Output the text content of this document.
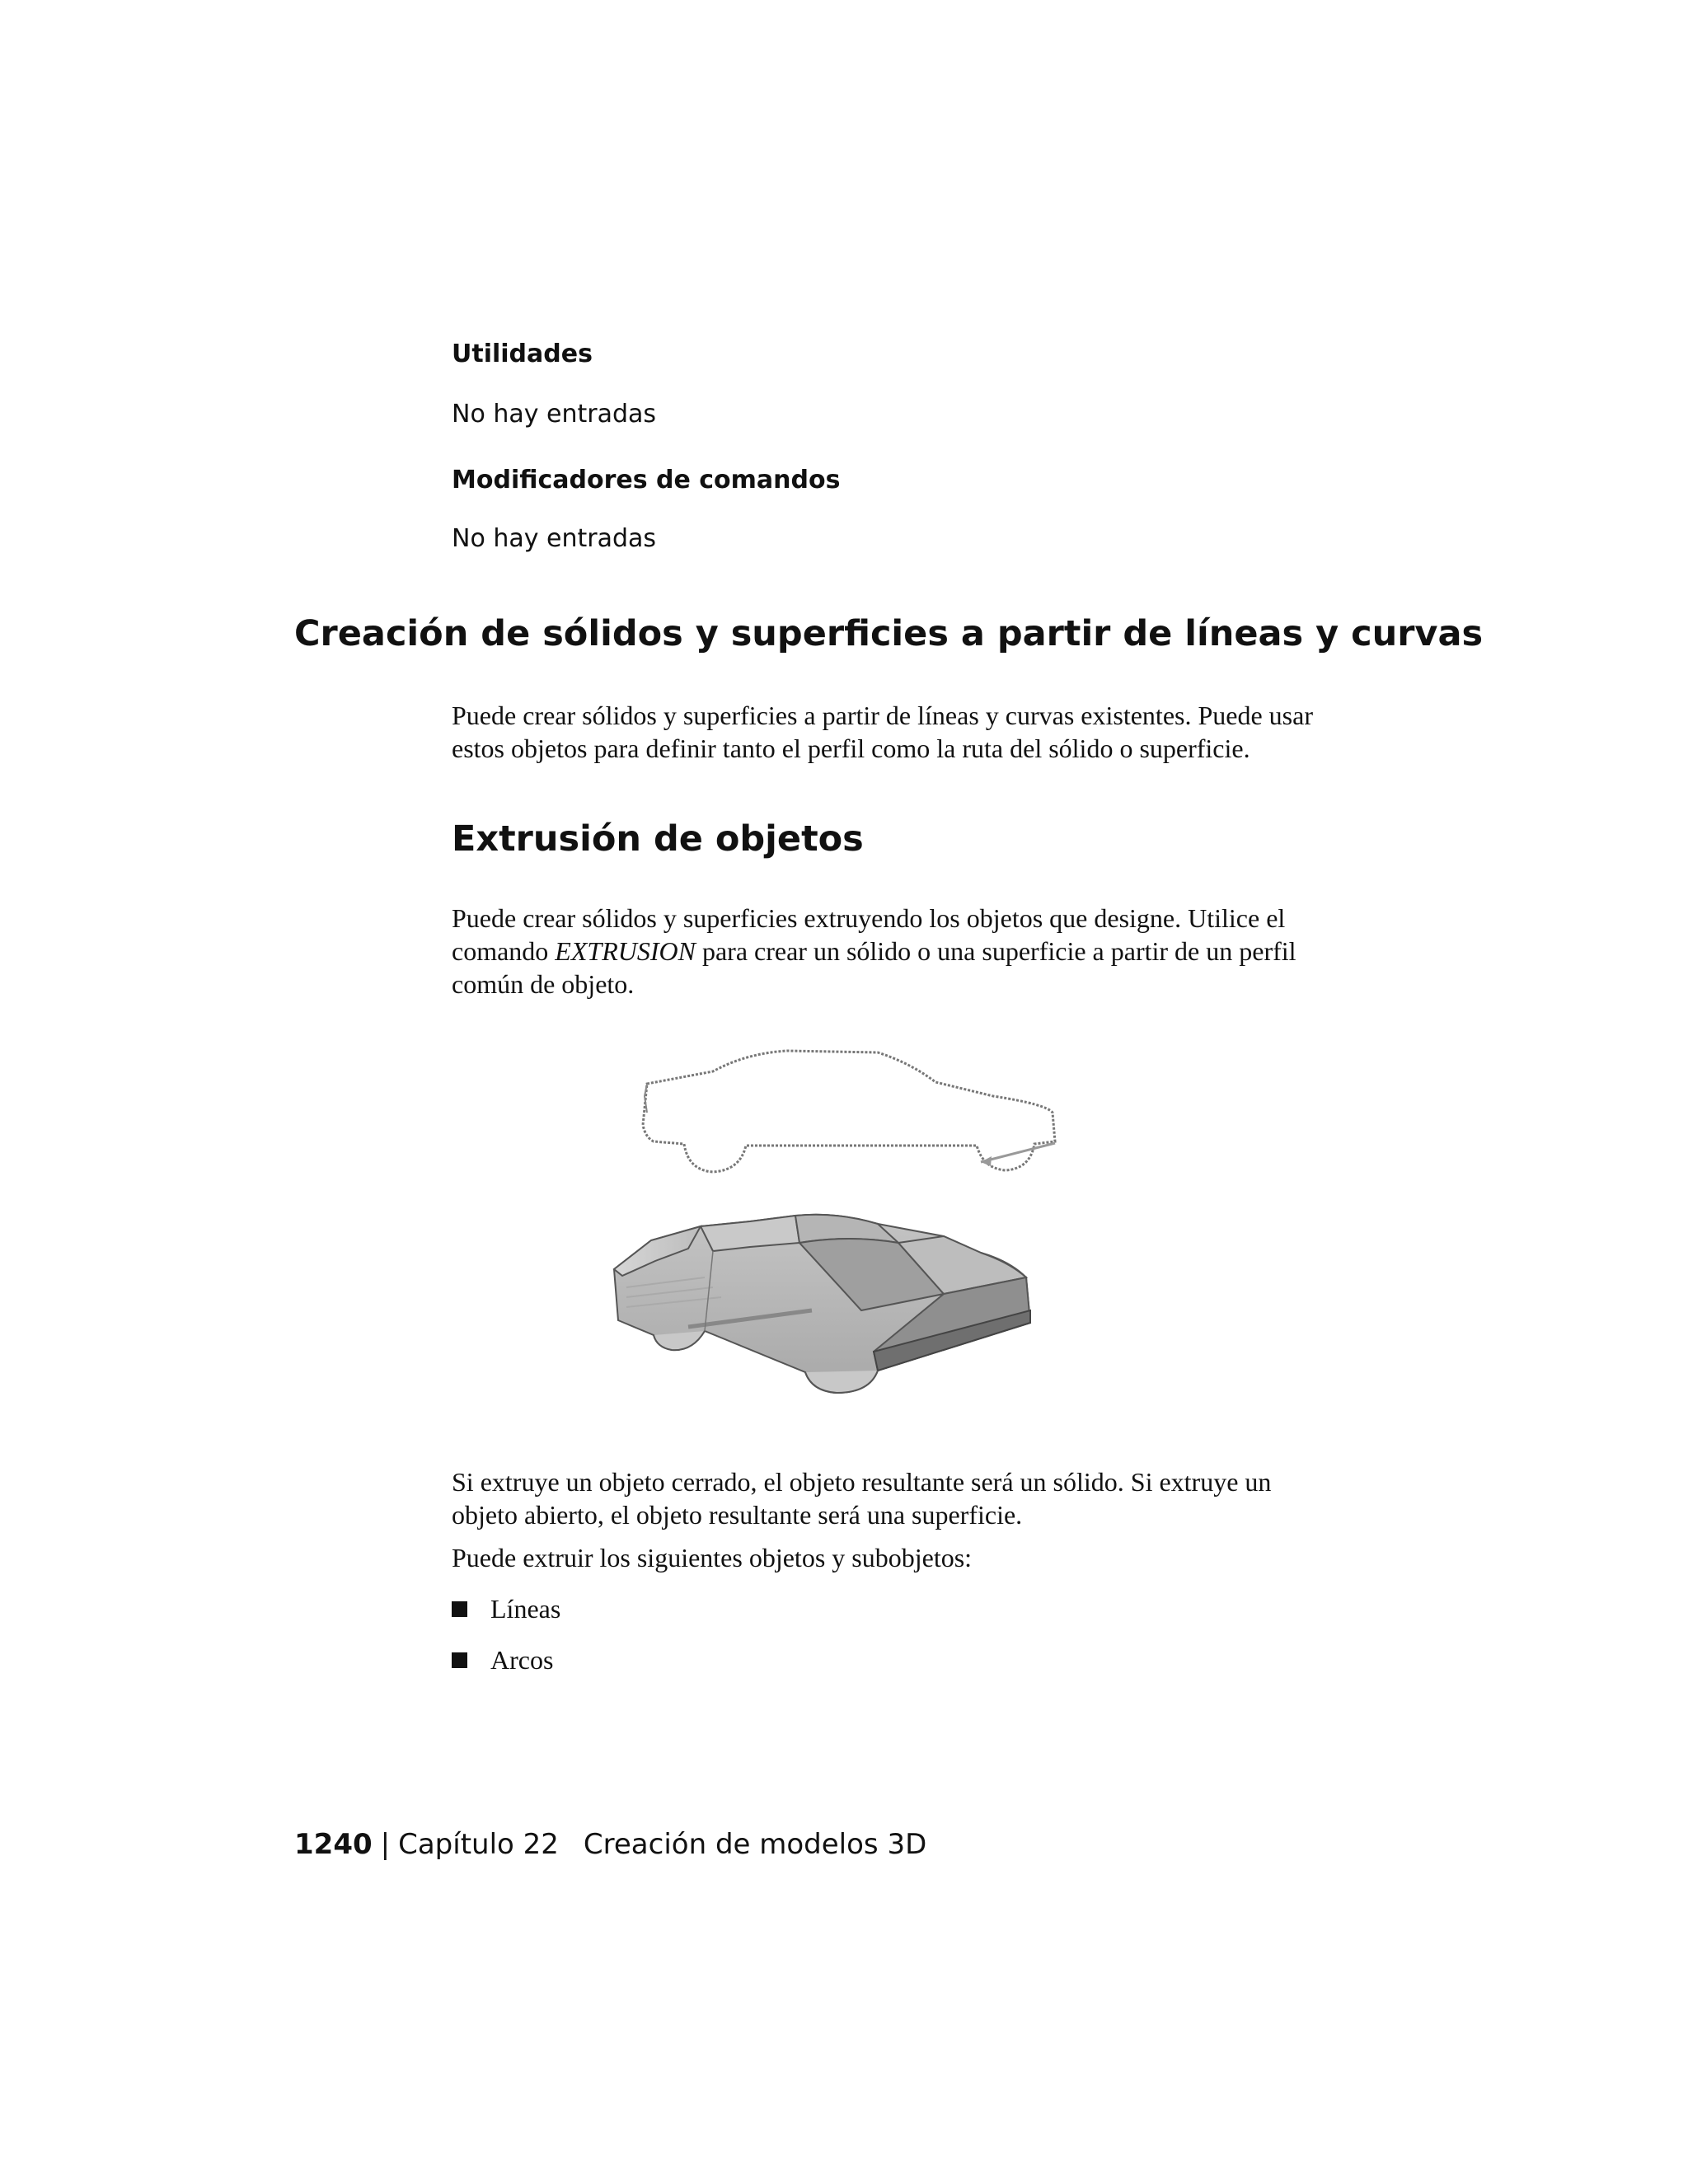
Utilidades
No hay entradas
Modificadores de comandos
No hay entradas
Creación de sólidos y superficies a partir de líneas y curvas

Puede crear sólidos y superficies a partir de líneas y curvas existentes. Puede usar estos objetos para definir tanto el perfil como la ruta del sólido o superficie.

Extrusión de objetos

Puede crear sólidos y superficies extruyendo los objetos que designe. Utilice el comando EXTRUSION para crear un sólido o una superficie a partir de un perfil común de objeto.

Si extruye un objeto cerrado, el objeto resultante será un sólido. Si extruye un objeto abierto, el objeto resultante será una superficie.

Puede extruir los siguientes objetos y subobjetos:

Líneas
Arcos
1240 | Capítulo 22 Creación de modelos 3D
